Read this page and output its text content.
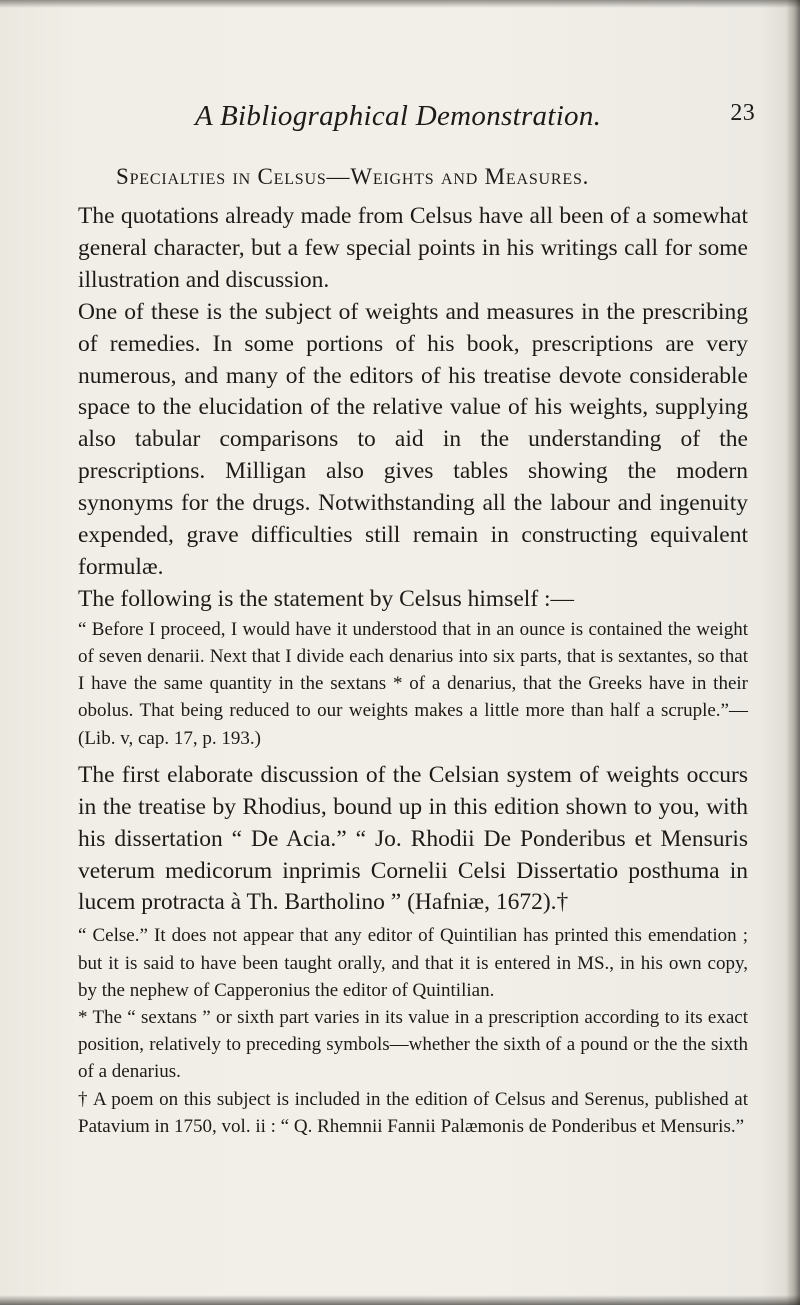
A Bibliographical Demonstration.	23
Specialties in Celsus—Weights and Measures.

The quotations already made from Celsus have all been of a somewhat general character, but a few special points in his writings call for some illustration and discussion.

One of these is the subject of weights and measures in the prescribing of remedies. In some portions of his book, prescriptions are very numerous, and many of the editors of his treatise devote considerable space to the elucidation of the relative value of his weights, supplying also tabular comparisons to aid in the understanding of the prescriptions. Milligan also gives tables showing the modern synonyms for the drugs. Notwithstanding all the labour and ingenuity expended, grave difficulties still remain in constructing equivalent formulæ.

The following is the statement by Celsus himself :—

“ Before I proceed, I would have it understood that in an ounce is contained the weight of seven denarii. Next that I divide each denarius into six parts, that is sextantes, so that I have the same quantity in the sextans * of a denarius, that the Greeks have in their obolus. That being reduced to our weights makes a little more than half a scruple.”—(Lib. v, cap. 17, p. 193.)

The first elaborate discussion of the Celsian system of weights occurs in the treatise by Rhodius, bound up in this edition shown to you, with his dissertation “ De Acia.” “ Jo. Rhodii De Ponderibus et Mensuris veterum medicorum inprimis Cornelii Celsi Dissertatio posthuma in lucem protracta à Th. Bartholino ” (Hafniæ, 1672).†

“ Celse.” It does not appear that any editor of Quintilian has printed this emendation ; but it is said to have been taught orally, and that it is entered in MS., in his own copy, by the nephew of Capperonius the editor of Quintilian.

* The “ sextans ” or sixth part varies in its value in a prescription according to its exact position, relatively to preceding symbols—whether the sixth of a pound or the the sixth of a denarius.

† A poem on this subject is included in the edition of Celsus and Serenus, published at Patavium in 1750, vol. ii : “ Q. Rhemnii Fannii Palæmonis de Ponderibus et Mensuris.”
